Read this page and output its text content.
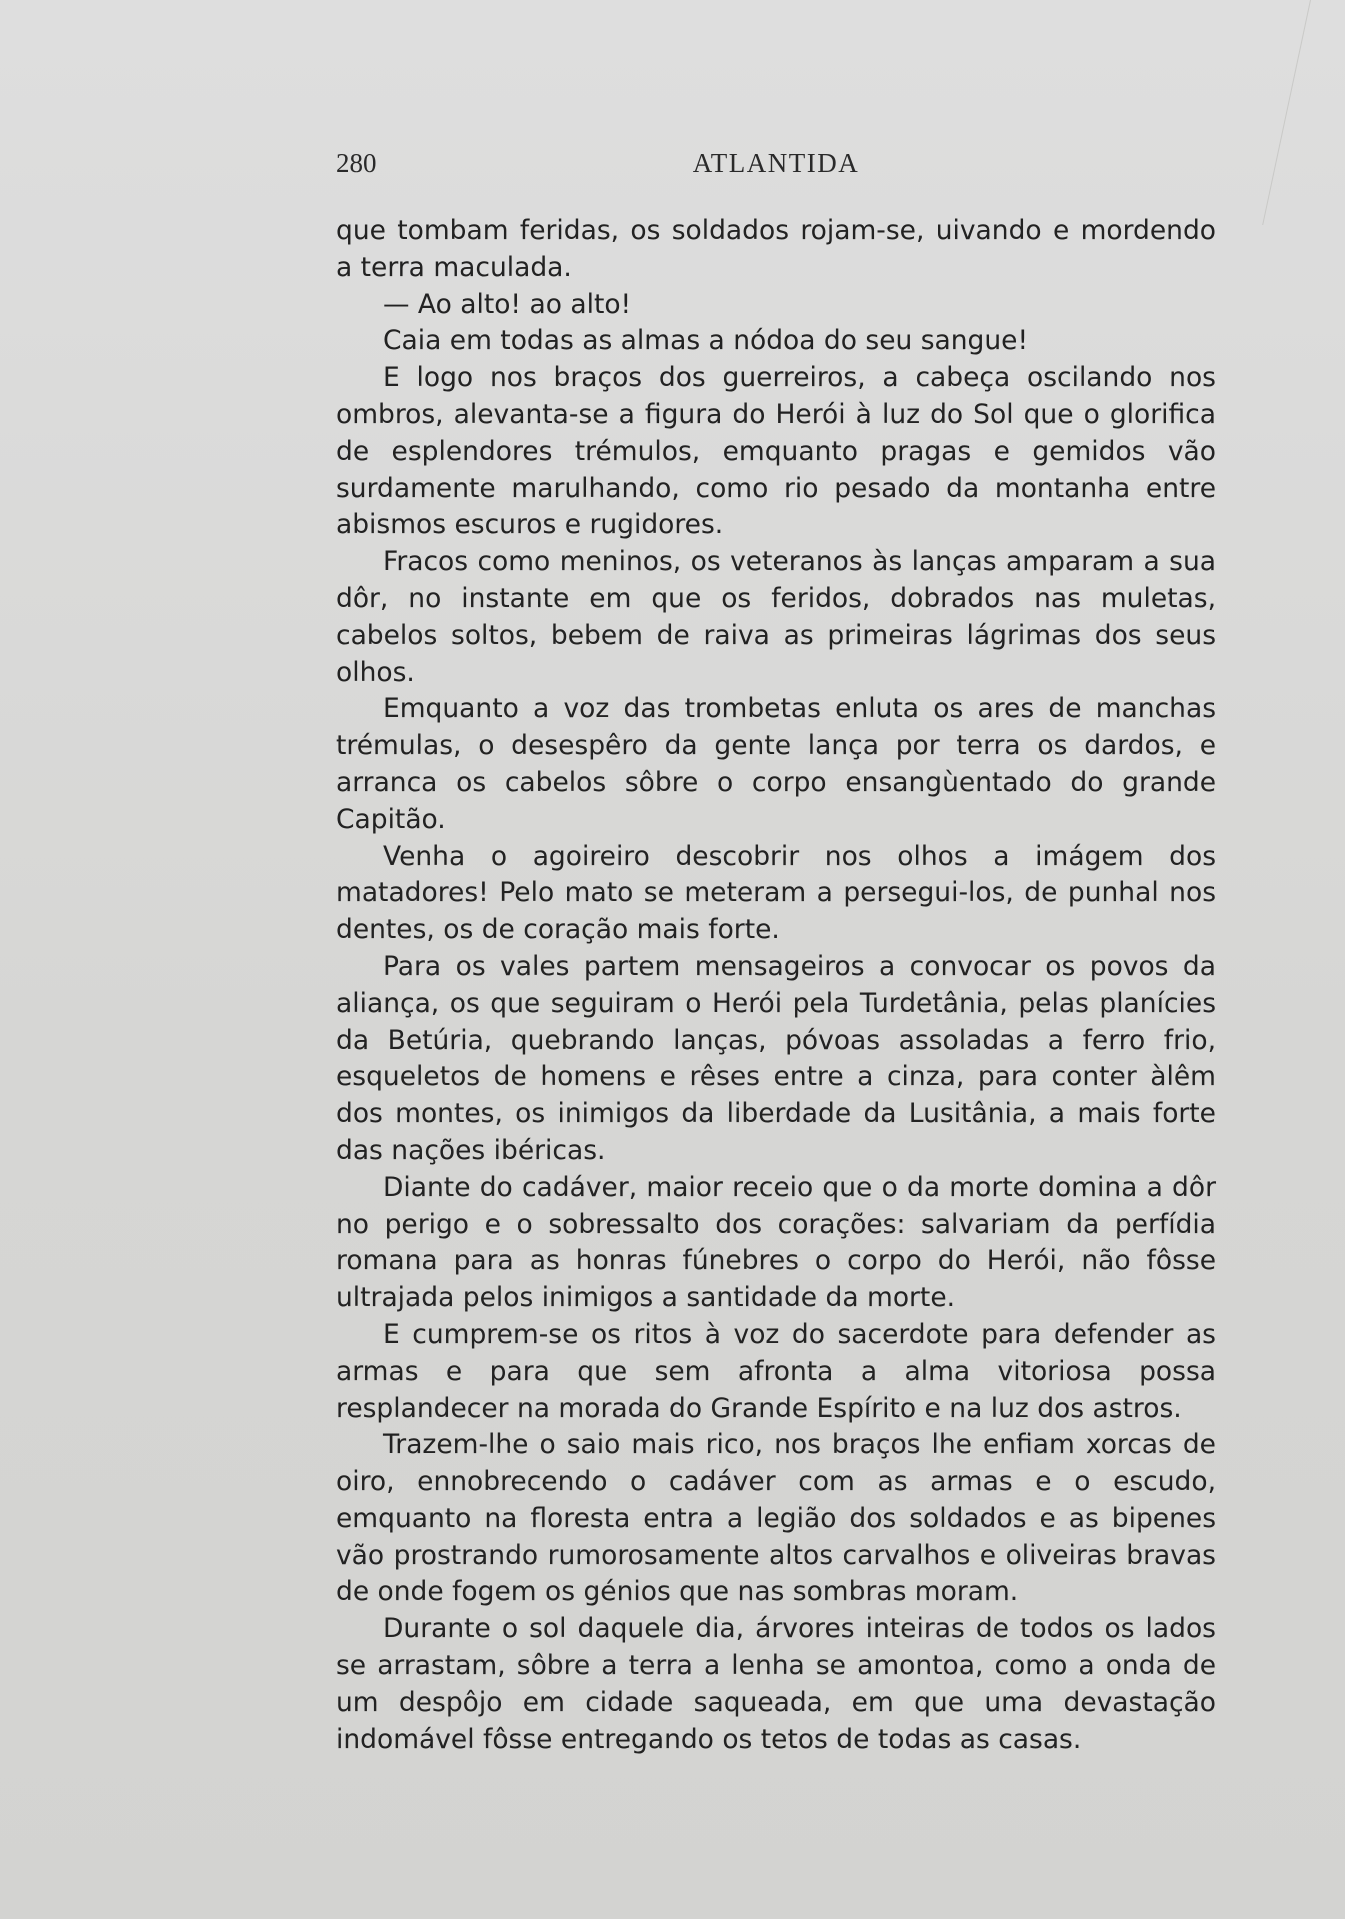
280	ATLANTIDA

que tombam feridas, os soldados rojam-se, uivando e mordendo a terra maculada.

— Ao alto! ao alto!

Caia em todas as almas a nódoa do seu sangue!

E logo nos braços dos guerreiros, a cabeça oscilando nos ombros, alevanta-se a figura do Herói à luz do Sol que o glorifica de esplendores trémulos, emquanto pragas e gemidos vão surdamente marulhando, como rio pesado da montanha entre abismos escuros e rugidores.

Fracos como meninos, os veteranos às lanças amparam a sua dôr, no instante em que os feridos, dobrados nas muletas, cabelos soltos, bebem de raiva as primeiras lágrimas dos seus olhos.

Emquanto a voz das trombetas enluta os ares de manchas trémulas, o desespêro da gente lança por terra os dardos, e arranca os cabelos sôbre o corpo ensangùentado do grande Capitão.

Venha o agoireiro descobrir nos olhos a imágem dos matadores! Pelo mato se meteram a persegui-los, de punhal nos dentes, os de coração mais forte.

Para os vales partem mensageiros a convocar os povos da aliança, os que seguiram o Herói pela Turdetânia, pelas planícies da Betúria, quebrando lanças, póvoas assoladas a ferro frio, esqueletos de homens e rêses entre a cinza, para conter àlêm dos montes, os inimigos da liberdade da Lusitânia, a mais forte das nações ibéricas.

Diante do cadáver, maior receio que o da morte domina a dôr no perigo e o sobressalto dos corações: salvariam da perfídia romana para as honras fúnebres o corpo do Herói, não fôsse ultrajada pelos inimigos a santidade da morte.

E cumprem-se os ritos à voz do sacerdote para defender as armas e para que sem afronta a alma vitoriosa possa resplandecer na morada do Grande Espírito e na luz dos astros.

Trazem-lhe o saio mais rico, nos braços lhe enfiam xorcas de oiro, ennobrecendo o cadáver com as armas e o escudo, emquanto na floresta entra a legião dos soldados e as bipenes vão prostrando rumorosamente altos carvalhos e oliveiras bravas de onde fogem os génios que nas sombras moram.

Durante o sol daquele dia, árvores inteiras de todos os lados se arrastam, sôbre a terra a lenha se amontoa, como a onda de um despôjo em cidade saqueada, em que uma devastação indomável fôsse entregando os tetos de todas as casas.
